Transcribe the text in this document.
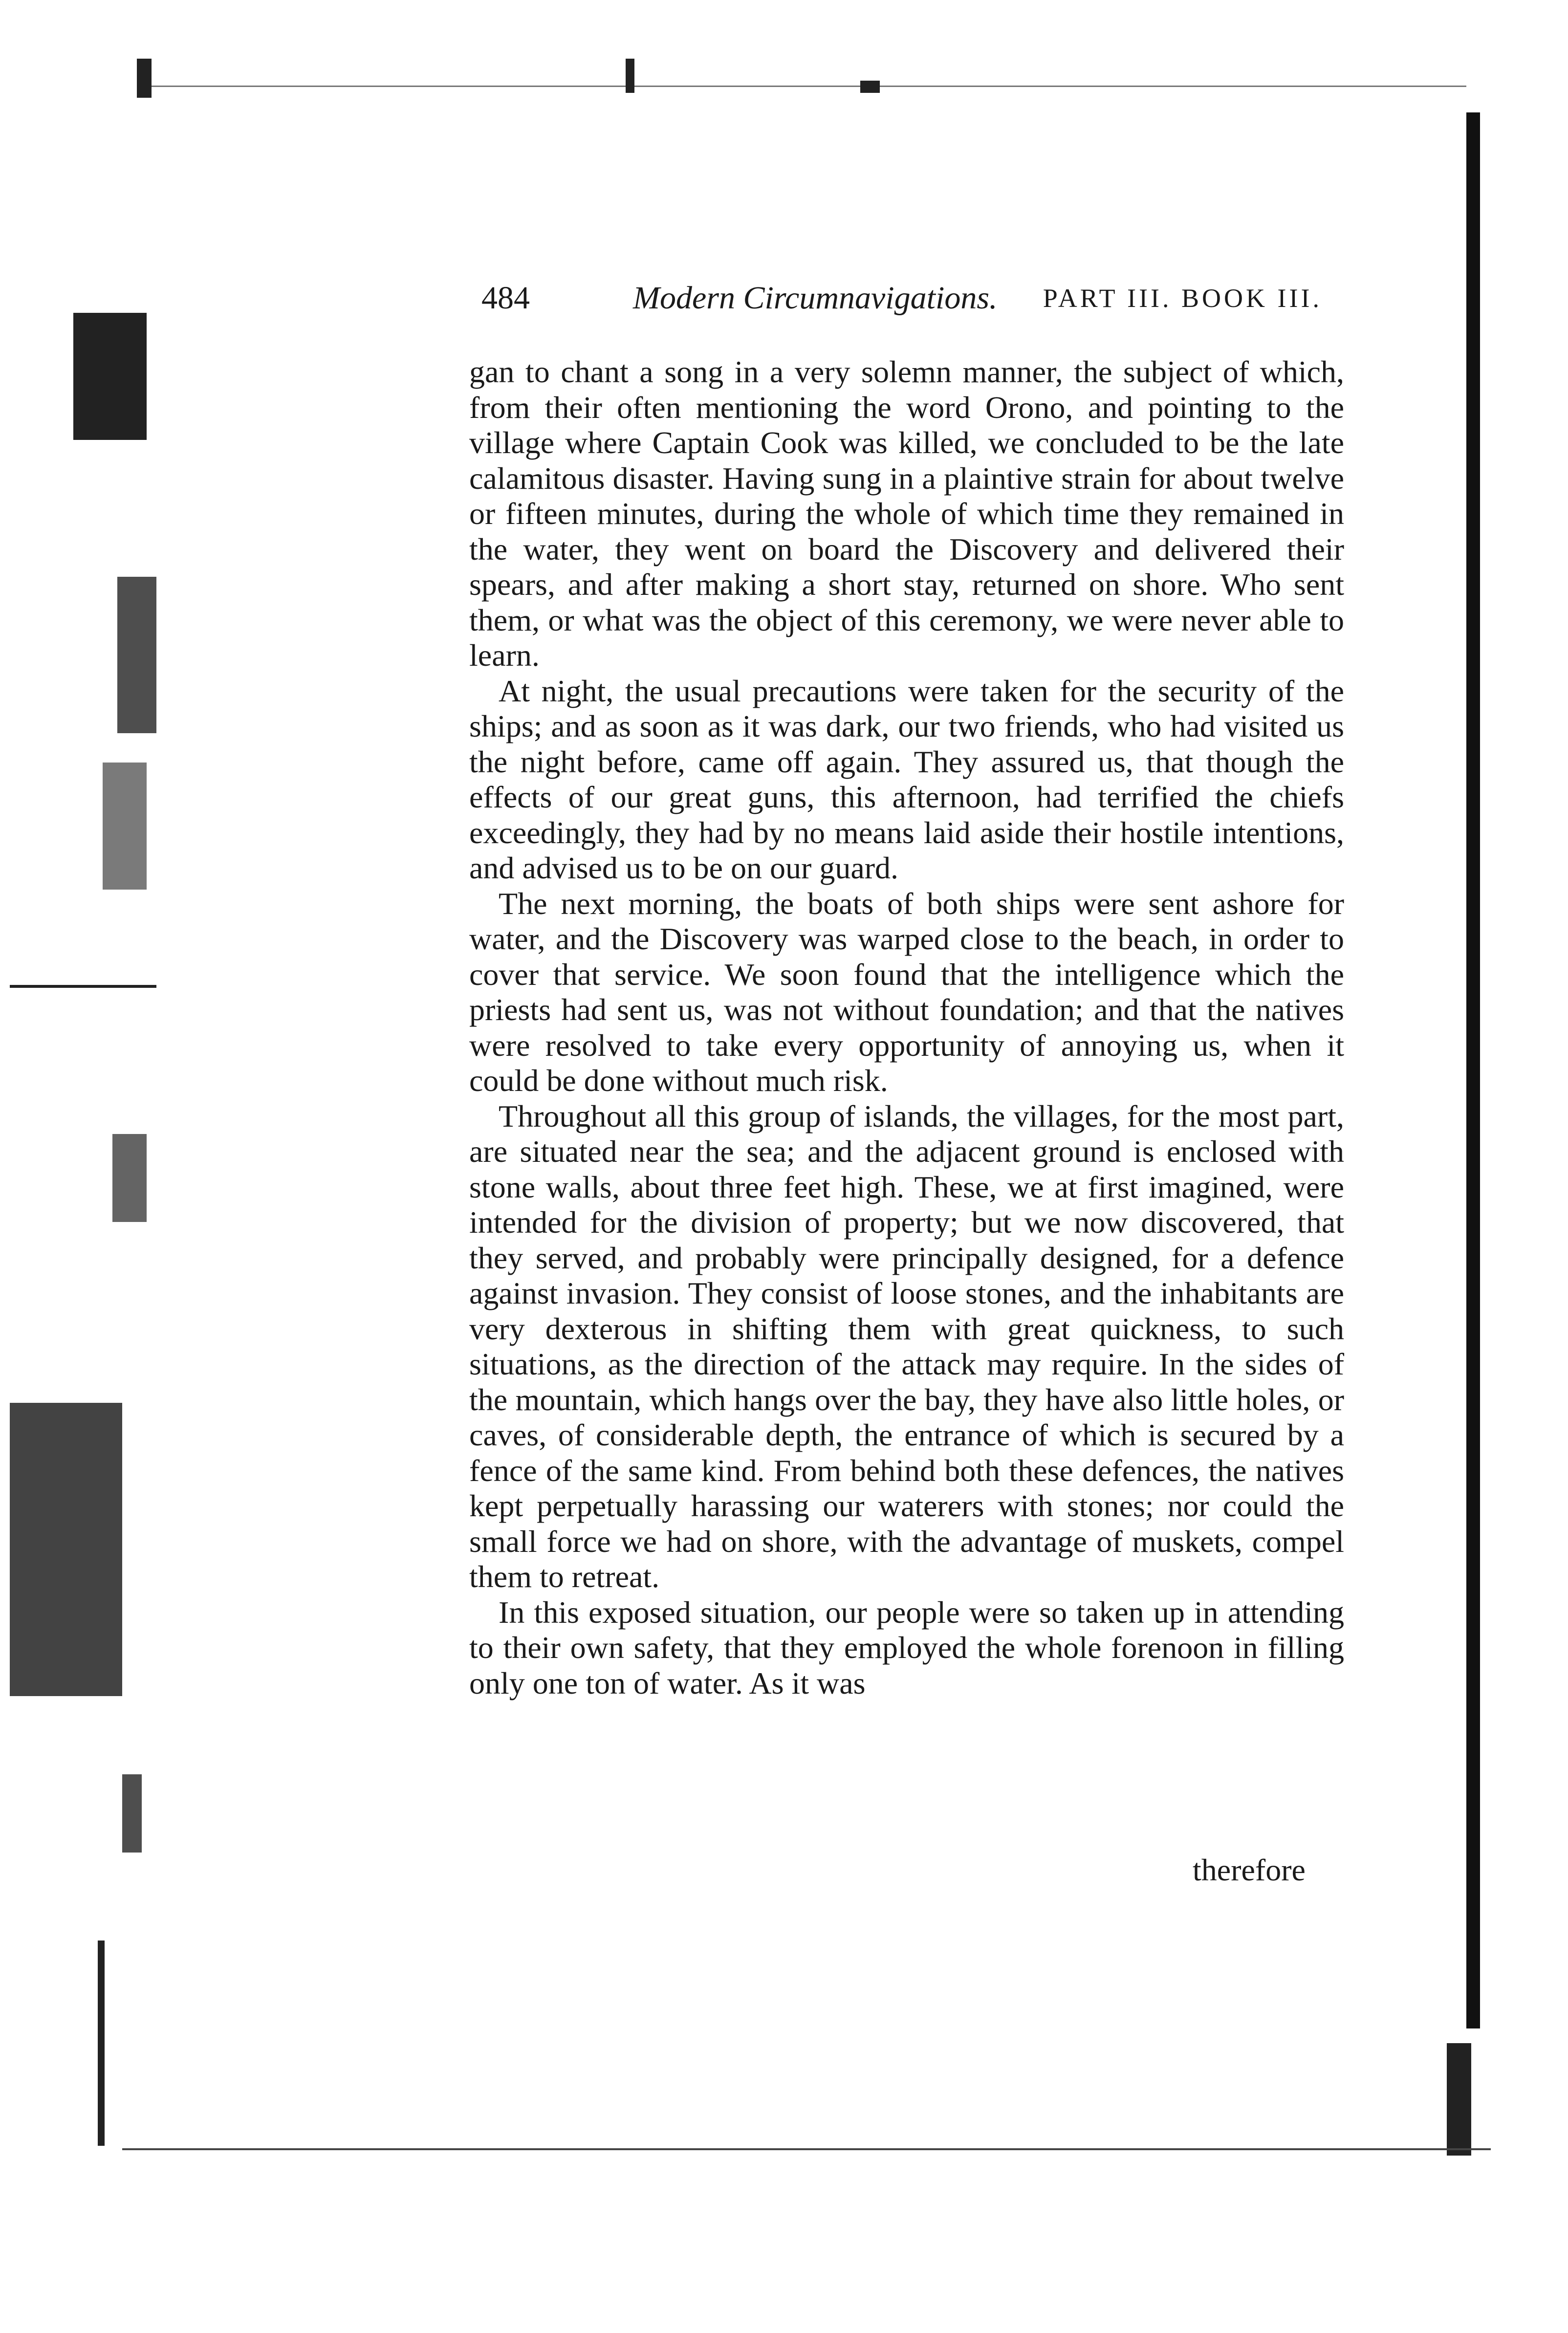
484	Modern Circumnavigations. PART III. BOOK III.

gan to chant a song in a very solemn manner, the subject of which, from their often mentioning the word Orono, and pointing to the village where Captain Cook was killed, we concluded to be the late calamitous disaster. Having sung in a plaintive strain for about twelve or fifteen minutes, during the whole of which time they remained in the water, they went on board the Discovery and delivered their spears, and after making a short stay, returned on shore. Who sent them, or what was the object of this ceremony, we were never able to learn.

At night, the usual precautions were taken for the security of the ships; and as soon as it was dark, our two friends, who had visited us the night before, came off again. They assured us, that though the effects of our great guns, this afternoon, had terrified the chiefs exceedingly, they had by no means laid aside their hostile intentions, and advised us to be on our guard.

The next morning, the boats of both ships were sent ashore for water, and the Discovery was warped close to the beach, in order to cover that service. We soon found that the intelligence which the priests had sent us, was not without foundation; and that the natives were resolved to take every opportunity of annoying us, when it could be done without much risk.

Throughout all this group of islands, the villages, for the most part, are situated near the sea; and the adjacent ground is enclosed with stone walls, about three feet high. These, we at first imagined, were intended for the division of property; but we now discovered, that they served, and probably were principally designed, for a defence against invasion. They consist of loose stones, and the inhabitants are very dexterous in shifting them with great quickness, to such situations, as the direction of the attack may require. In the sides of the mountain, which hangs over the bay, they have also little holes, or caves, of considerable depth, the entrance of which is secured by a fence of the same kind. From behind both these defences, the natives kept perpetually harassing our waterers with stones; nor could the small force we had on shore, with the advantage of muskets, compel them to retreat.

In this exposed situation, our people were so taken up in attending to their own safety, that they employed the whole forenoon in filling only one ton of water. As it was

therefore
